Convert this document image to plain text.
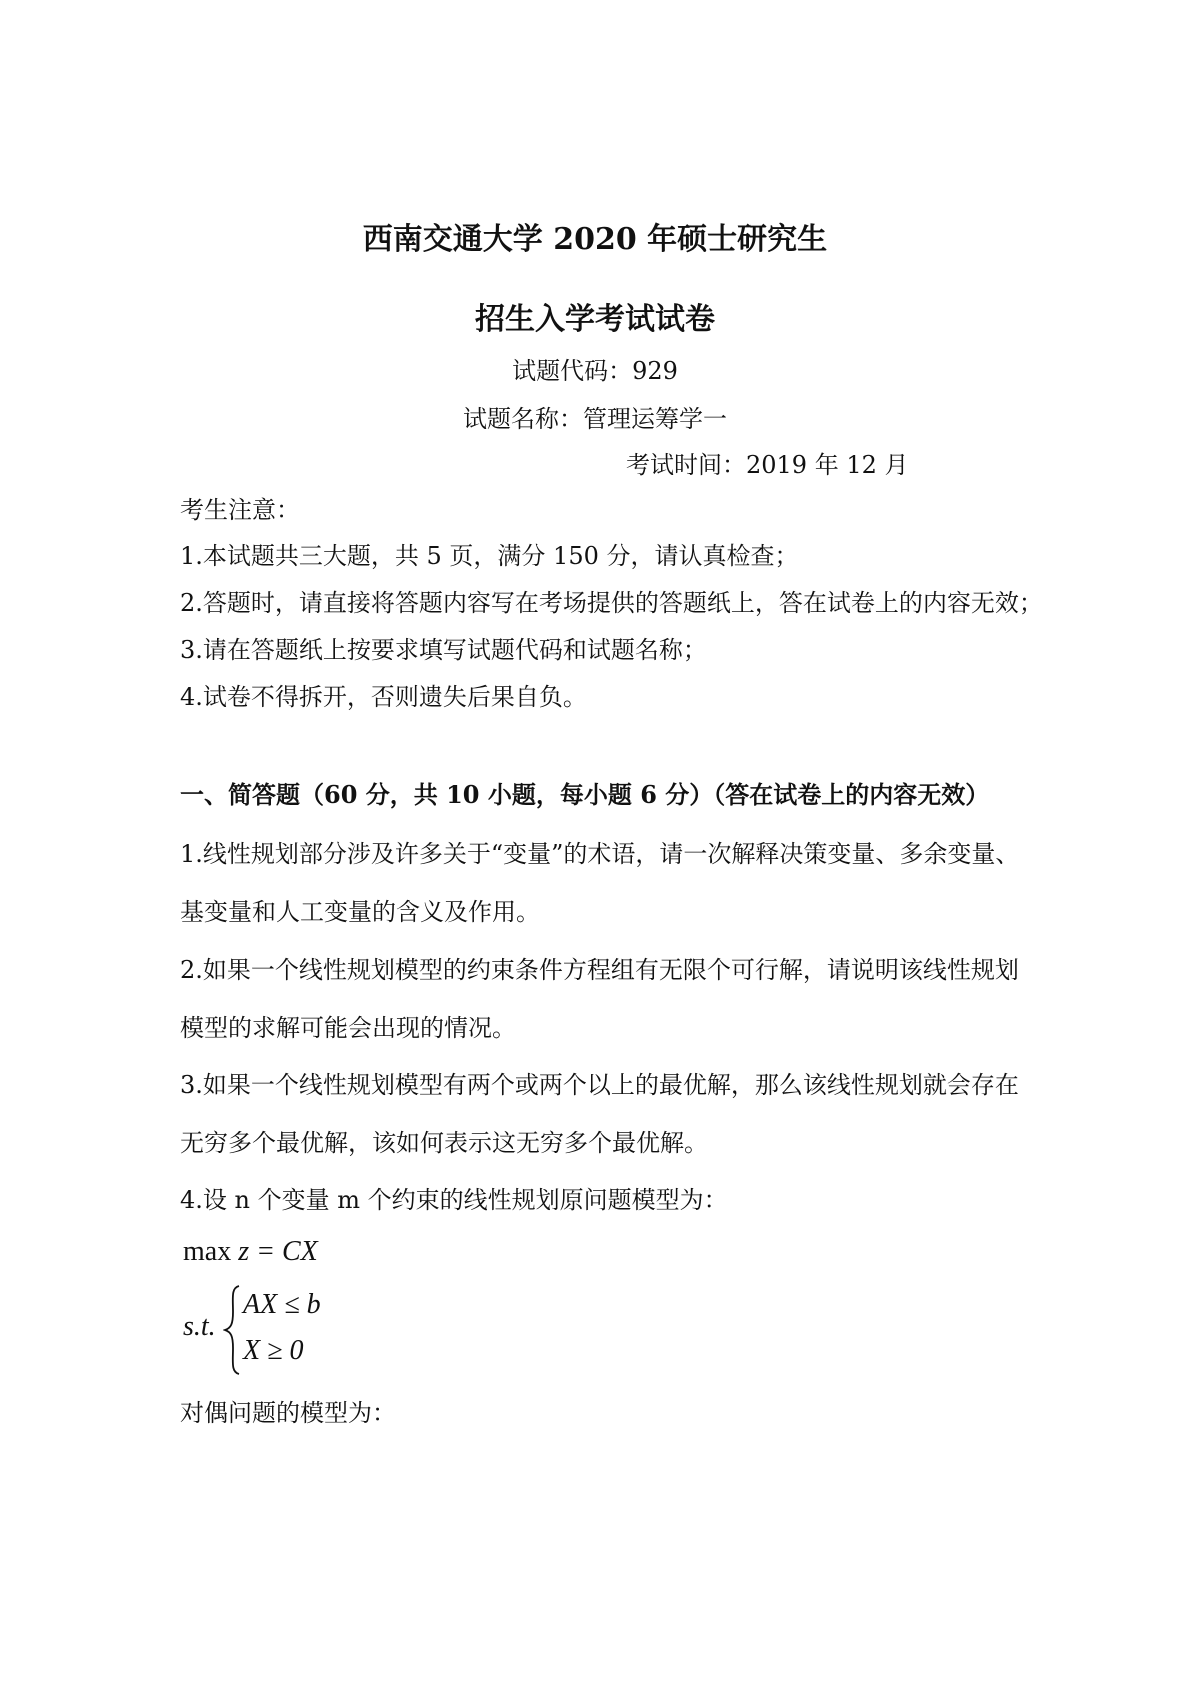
西南交通大学 2020 年硕士研究生
招生入学考试试卷
试题代码：929
试题名称：管理运筹学一
考试时间：2019 年 12 月
考生注意：
1.本试题共三大题，共 5 页，满分 150 分，请认真检查；
2.答题时，请直接将答题内容写在考场提供的答题纸上，答在试卷上的内容无效；
3.请在答题纸上按要求填写试题代码和试题名称；
4.试卷不得拆开，否则遗失后果自负。
一、简答题（60 分，共 10 小题，每小题 6 分）（答在试卷上的内容无效）
1.线性规划部分涉及许多关于“变量”的术语，请一次解释决策变量、多余变量、
基变量和人工变量的含义及作用。
2.如果一个线性规划模型的约束条件方程组有无限个可行解，请说明该线性规划
模型的求解可能会出现的情况。
3.如果一个线性规划模型有两个或两个以上的最优解，那么该线性规划就会存在
无穷多个最优解，该如何表示这无穷多个最优解。
4.设 n 个变量 m 个约束的线性规划原问题模型为：
max z = CX
s.t.
AX ≤ b
X ≥ 0
对偶问题的模型为：
